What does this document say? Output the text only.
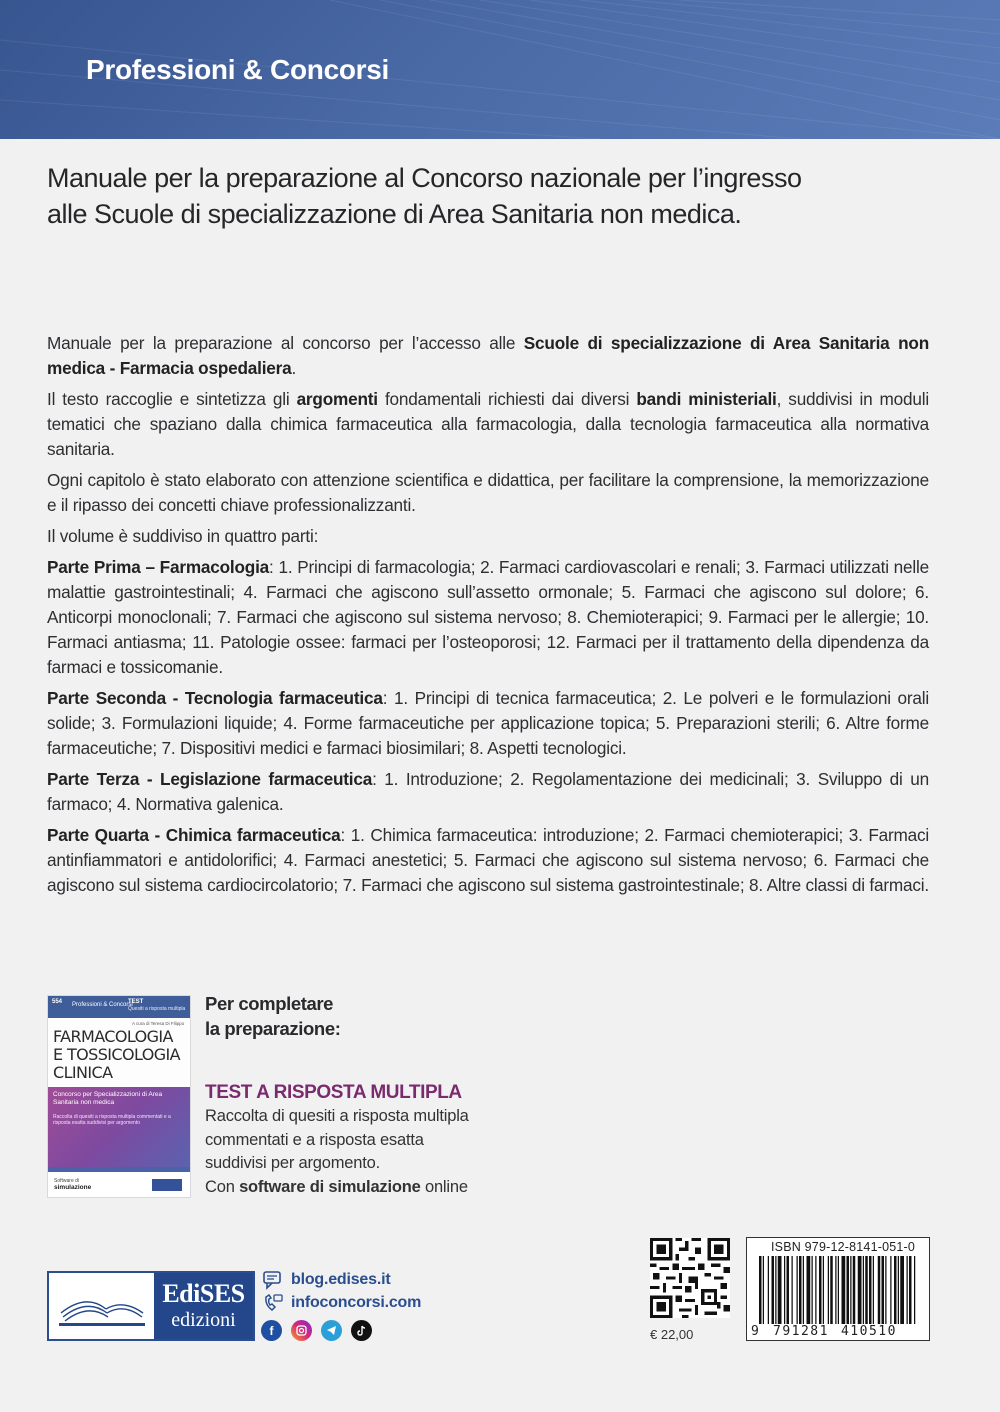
Professioni & Concorsi
Manuale per la preparazione al Concorso nazionale per l’ingresso
alle Scuole di specializzazione di Area Sanitaria non medica.

Manuale per la preparazione al concorso per l’accesso alle Scuole di specializzazione di Area Sanitaria non medica - Farmacia ospedaliera.

Il testo raccoglie e sintetizza gli argomenti fondamentali richiesti dai diversi bandi ministeriali, suddivisi in moduli tematici che spaziano dalla chimica farmaceutica alla farmacologia, dalla tecnologia farmaceutica alla normativa sanitaria.

Ogni capitolo è stato elaborato con attenzione scientifica e didattica, per facilitare la comprensione, la memorizzazione e il ripasso dei concetti chiave professionalizzanti.

Il volume è suddiviso in quattro parti:

Parte Prima – Farmacologia: 1. Principi di farmacologia; 2. Farmaci cardiovascolari e renali; 3. Farmaci utilizzati nelle malattie gastrointestinali; 4. Farmaci che agiscono sull’assetto ormonale; 5. Farmaci che agiscono sul dolore; 6. Anticorpi monoclonali; 7. Farmaci che agiscono sul sistema nervoso; 8. Chemioterapici; 9. Farmaci per le allergie; 10. Farmaci antiasma; 11. Patologie ossee: farmaci per l’osteoporosi; 12. Farmaci per il trattamento della dipendenza da farmaci e tossicomanie.

Parte Seconda - Tecnologia farmaceutica: 1. Principi di tecnica farmaceutica; 2. Le polveri e le formulazioni orali solide; 3. Formulazioni liquide; 4. Forme farmaceutiche per applicazione topica; 5. Preparazioni sterili; 6. Altre forme farmaceutiche; 7. Dispositivi medici e farmaci biosimilari; 8. Aspetti tecnologici.

Parte Terza - Legislazione farmaceutica: 1. Introduzione; 2. Regolamentazione dei medicinali; 3. Sviluppo di un farmaco; 4. Normativa galenica.

Parte Quarta - Chimica farmaceutica: 1. Chimica farmaceutica: introduzione; 2. Farmaci chemioterapici; 3. Farmaci antinfiammatori e antidolorifici; 4. Farmaci anestetici; 5. Farmaci che agiscono sul sistema nervoso; 6. Farmaci che agiscono sul sistema cardiocircolatorio; 7. Farmaci che agiscono sul sistema gastrointestinale; 8. Altre classi di farmaci.

554 Professioni & Concorsi
TEST
Quesiti a risposta multipla
A cura di Teresa Di Filippo
FARMACOLOGIA
E TOSSICOLOGIA
CLINICA
Concorso per Specializzazioni di Area Sanitaria non medica
Raccolta di quesiti a risposta multipla commentati e a risposta esatta suddivisi per argomento
Software di
simulazione
Per completare
la preparazione:
TEST A RISPOSTA MULTIPLA
Raccolta di quesiti a risposta multipla
commentati e a risposta esatta
suddivisi per argomento.
Con software di simulazione online
EdiSES
edizioni
blog.edises.it
infoconcorsi.com
f	€ 22,00
ISBN 979-12-8141-051-0
9	791281 410510
